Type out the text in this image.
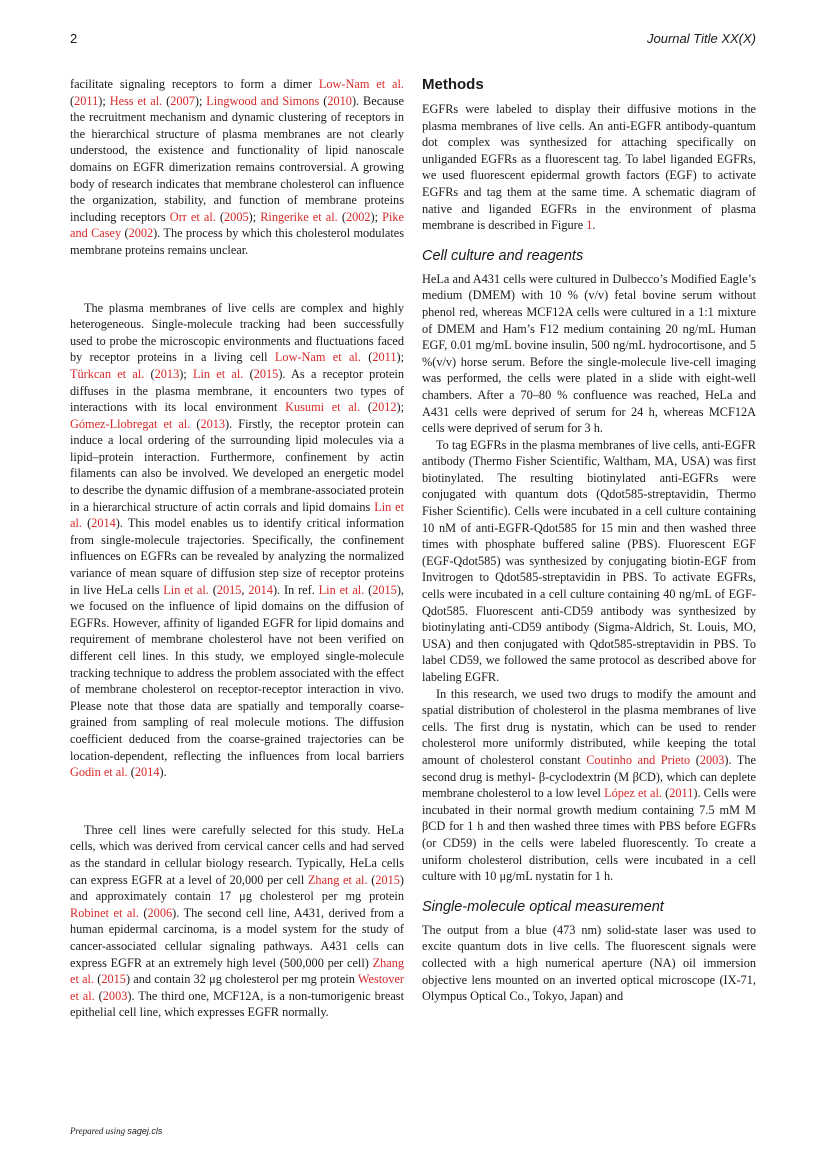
2	Journal Title XX(X)

facilitate signaling receptors to form a dimer Low-Nam et al. (2011); Hess et al. (2007); Lingwood and Simons (2010). Because the recruitment mechanism and dynamic clustering of receptors in the hierarchical structure of plasma membranes are not clearly understood, the existence and functionality of lipid nanoscale domains on EGFR dimerization remains controversial. A growing body of research indicates that membrane cholesterol can influence the organization, stability, and function of membrane proteins including receptors Orr et al. (2005); Ringerike et al. (2002); Pike and Casey (2002). The process by which this cholesterol modulates membrane proteins remains unclear.

The plasma membranes of live cells are complex and highly heterogeneous. Single-molecule tracking had been successfully used to probe the microscopic environments and fluctuations faced by receptor proteins in a living cell Low-Nam et al. (2011); Türkcan et al. (2013); Lin et al. (2015). As a receptor protein diffuses in the plasma membrane, it encounters two types of interactions with its local environment Kusumi et al. (2012); Gómez-Llobregat et al. (2013). Firstly, the receptor protein can induce a local ordering of the surrounding lipid molecules via a lipid–protein interaction. Furthermore, confinement by actin filaments can also be involved. We developed an energetic model to describe the dynamic diffusion of a membrane-associated protein in a hierarchical structure of actin corrals and lipid domains Lin et al. (2014). This model enables us to identify critical information from single-molecule trajectories. Specifically, the confinement influences on EGFRs can be revealed by analyzing the normalized variance of mean square of diffusion step size of receptor proteins in live HeLa cells Lin et al. (2015, 2014). In ref. Lin et al. (2015), we focused on the influence of lipid domains on the diffusion of EGFRs. However, affinity of liganded EGFR for lipid domains and requirement of membrane cholesterol have not been verified on different cell lines. In this study, we employed single-molecule tracking technique to address the problem associated with the effect of membrane cholesterol on receptor-receptor interaction in vivo. Please note that those data are spatially and temporally coarse-grained from sampling of real molecule motions. The diffusion coefficient deduced from the coarse-grained trajectories can be location-dependent, reflecting the influences from local barriers Godin et al. (2014).

Three cell lines were carefully selected for this study. HeLa cells, which was derived from cervical cancer cells and had served as the standard in cellular biology research. Typically, HeLa cells can express EGFR at a level of 20,000 per cell Zhang et al. (2015) and approximately contain 17 μg cholesterol per mg protein Robinet et al. (2006). The second cell line, A431, derived from a human epidermal carcinoma, is a model system for the study of cancer-associated cellular signaling pathways. A431 cells can express EGFR at an extremely high level (500,000 per cell) Zhang et al. (2015) and contain 32 μg cholesterol per mg protein Westover et al. (2003). The third one, MCF12A, is a non-tumorigenic breast epithelial cell line, which expresses EGFR normally.

Methods

EGFRs were labeled to display their diffusive motions in the plasma membranes of live cells. An anti-EGFR antibody-quantum dot complex was synthesized for attaching specifically on unliganded EGFRs as a fluorescent tag. To label liganded EGFRs, we used fluorescent epidermal growth factors (EGF) to activate EGFRs and tag them at the same time. A schematic diagram of native and liganded EGFRs in the environment of plasma membrane is described in Figure 1.

Cell culture and reagents

HeLa and A431 cells were cultured in Dulbecco’s Modified Eagle’s medium (DMEM) with 10 % (v/v) fetal bovine serum without phenol red, whereas MCF12A cells were cultured in a 1:1 mixture of DMEM and Ham’s F12 medium containing 20 ng/mL Human EGF, 0.01 mg/mL bovine insulin, 500 ng/mL hydrocortisone, and 5 %(v/v) horse serum. Before the single-molecule live-cell imaging was performed, the cells were plated in a slide with eight-well chambers. After a 70–80 % confluence was reached, HeLa and A431 cells were deprived of serum for 24 h, whereas MCF12A cells were deprived of serum for 3 h.

To tag EGFRs in the plasma membranes of live cells, anti-EGFR antibody (Thermo Fisher Scientific, Waltham, MA, USA) was first biotinylated. The resulting biotinylated anti-EGFRs were conjugated with quantum dots (Qdot585-streptavidin, Thermo Fisher Scientific). Cells were incubated in a cell culture containing 10 nM of anti-EGFR-Qdot585 for 15 min and then washed three times with phosphate buffered saline (PBS). Fluorescent EGF (EGF-Qdot585) was synthesized by conjugating biotin-EGF from Invitrogen to Qdot585-streptavidin in PBS. To activate EGFRs, cells were incubated in a cell culture containing 40 ng/mL of EGF-Qdot585. Fluorescent anti-CD59 antibody was synthesized by biotinylating anti-CD59 antibody (Sigma-Aldrich, St. Louis, MO, USA) and then conjugated with Qdot585-streptavidin in PBS. To label CD59, we followed the same protocol as described above for labeling EGFR.

In this research, we used two drugs to modify the amount and spatial distribution of cholesterol in the plasma membranes of live cells. The first drug is nystatin, which can be used to render cholesterol more uniformly distributed, while keeping the total amount of cholesterol constant Coutinho and Prieto (2003). The second drug is methyl- β-cyclodextrin (M βCD), which can deplete membrane cholesterol to a low level López et al. (2011). Cells were incubated in their normal growth medium containing 7.5 mM M βCD for 1 h and then washed three times with PBS before EGFRs (or CD59) in the cells were labeled fluorescently. To create a uniform cholesterol distribution, cells were incubated in a cell culture with 10 μg/mL nystatin for 1 h.

Single-molecule optical measurement

The output from a blue (473 nm) solid-state laser was used to excite quantum dots in live cells. The fluorescent signals were collected with a high numerical aperture (NA) oil immersion objective lens mounted on an inverted optical microscope (IX-71, Olympus Optical Co., Tokyo, Japan) and

Prepared using sagej.cls
